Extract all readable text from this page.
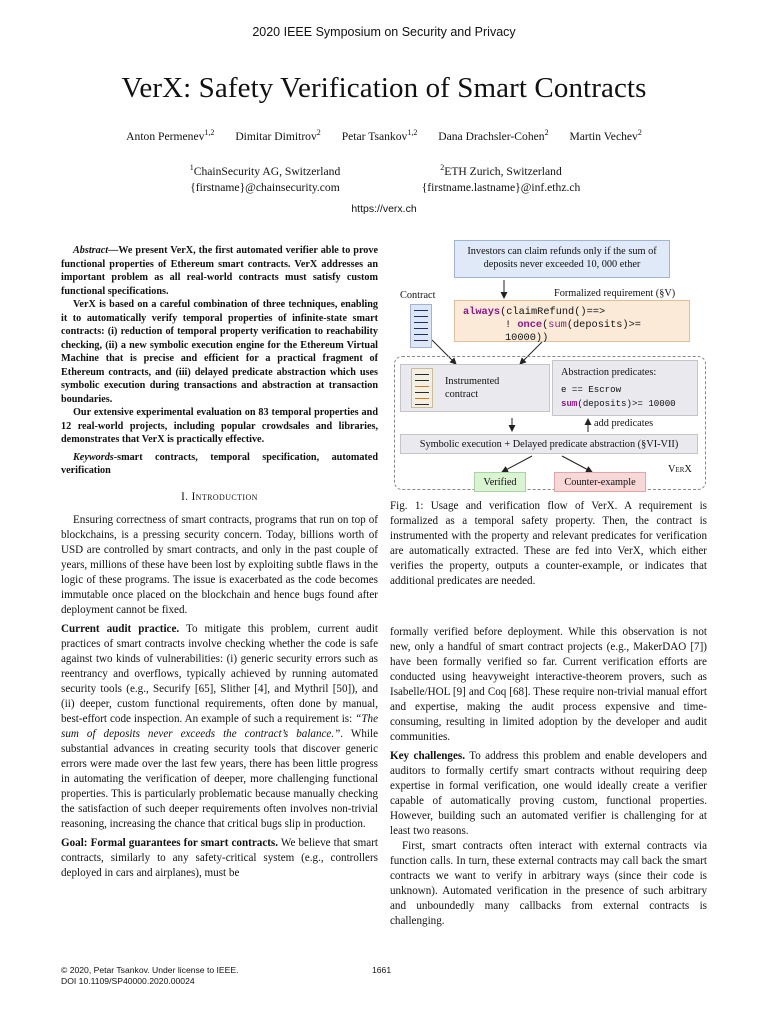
2020 IEEE Symposium on Security and Privacy
VerX: Safety Verification of Smart Contracts
Anton Permenev$^{1,2}$ Dimitar Dimitrov$^2$ Petar Tsankov$^{1,2}$ Dana Drachsler-Cohen$^2$ Martin Vechev$^2$
$^1$ChainSecurity AG, Switzerland
{firstname}@chainsecurity.com
$^2$ETH Zurich, Switzerland
{firstname.lastname}@inf.ethz.ch
https://verx.ch

Abstract—We present VerX, the first automated verifier able to prove functional properties of Ethereum smart contracts. VerX addresses an important problem as all real-world contracts must satisfy custom functional specifications.

VerX is based on a careful combination of three techniques, enabling it to automatically verify temporal properties of infinite-state smart contracts: (i) reduction of temporal property verification to reachability checking, (ii) a new symbolic execution engine for the Ethereum Virtual Machine that is precise and efficient for a practical fragment of Ethereum contracts, and (iii) delayed predicate abstraction which uses symbolic execution during transactions and abstraction at transaction boundaries.

Our extensive experimental evaluation on 83 temporal properties and 12 real-world projects, including popular crowdsales and libraries, demonstrates that VerX is practically effective.

Keywords-smart contracts, temporal specification, automated verification

I. Introduction

Ensuring correctness of smart contracts, programs that run on top of blockchains, is a pressing security concern. Today, billions worth of USD are controlled by smart contracts, and only in the past couple of years, millions of these have been lost by exploiting subtle flaws in the logic of these programs. The issue is exacerbated as the code becomes immutable once placed on the blockchain and hence bugs found after deployment cannot be fixed.

Current audit practice. To mitigate this problem, current audit practices of smart contracts involve checking whether the code is safe against two kinds of vulnerabilities: (i) generic security errors such as reentrancy and overflows, typically achieved by running automated security tools (e.g., Securify [65], Slither [4], and Mythril [50]), and (ii) deeper, custom functional requirements, often done by manual, best-effort code inspection. An example of such a requirement is: “The sum of deposits never exceeds the contract’s balance.”. While substantial advances in creating security tools that discover generic errors were made over the last few years, there has been little progress in automating the verification of deeper, more challenging functional properties. This is particularly problematic because manually checking the satisfaction of such deeper requirements often involves non-trivial reasoning, increasing the chance that critical bugs slip in production.

Goal: Formal guarantees for smart contracts. We believe that smart contracts, similarly to any safety-critical system (e.g., controllers deployed in cars and airplanes), must be

Investors can claim refunds only if the sum of deposits never exceeded 10, 000 ether
Contract	Formalized requirement (§V)
always(claimRefund()==>
! once(sum(deposits)>= 10000))
Instrumented contract
Abstraction predicates:
e == Escrow
sum(deposits)>= 10000
add predicates
Symbolic execution + Delayed predicate abstraction (§VI-VII)
VerX
Verified	Counter-example
Fig. 1: Usage and verification flow of VerX. A requirement is formalized as a temporal safety property. Then, the contract is instrumented with the property and relevant predicates for verification are automatically extracted. These are fed into VerX, which either verifies the property, outputs a counter-example, or indicates that additional predicates are needed.

formally verified before deployment. While this observation is not new, only a handful of smart contract projects (e.g., MakerDAO [7]) have been formally verified so far. Current verification efforts are conducted using heavyweight interactive-theorem provers, such as Isabelle/HOL [9] and Coq [68]. These require non-trivial manual effort and expertise, making the audit process expensive and time-consuming, resulting in limited adoption by the developer and audit communities.

Key challenges. To address this problem and enable developers and auditors to formally certify smart contracts without requiring deep expertise in formal verification, one would ideally create a verifier capable of automatically proving custom, functional properties. However, building such an automated verifier is challenging for at least two reasons.

First, smart contracts often interact with external contracts via function calls. In turn, these external contracts may call back the smart contracts we want to verify in arbitrary ways (since their code is unknown). Automated verification in the presence of such arbitrary and unboundedly many callbacks from external contracts is challenging.

© 2020, Petar Tsankov. Under license to IEEE.
DOI 10.1109/SP40000.2020.00024
1661
